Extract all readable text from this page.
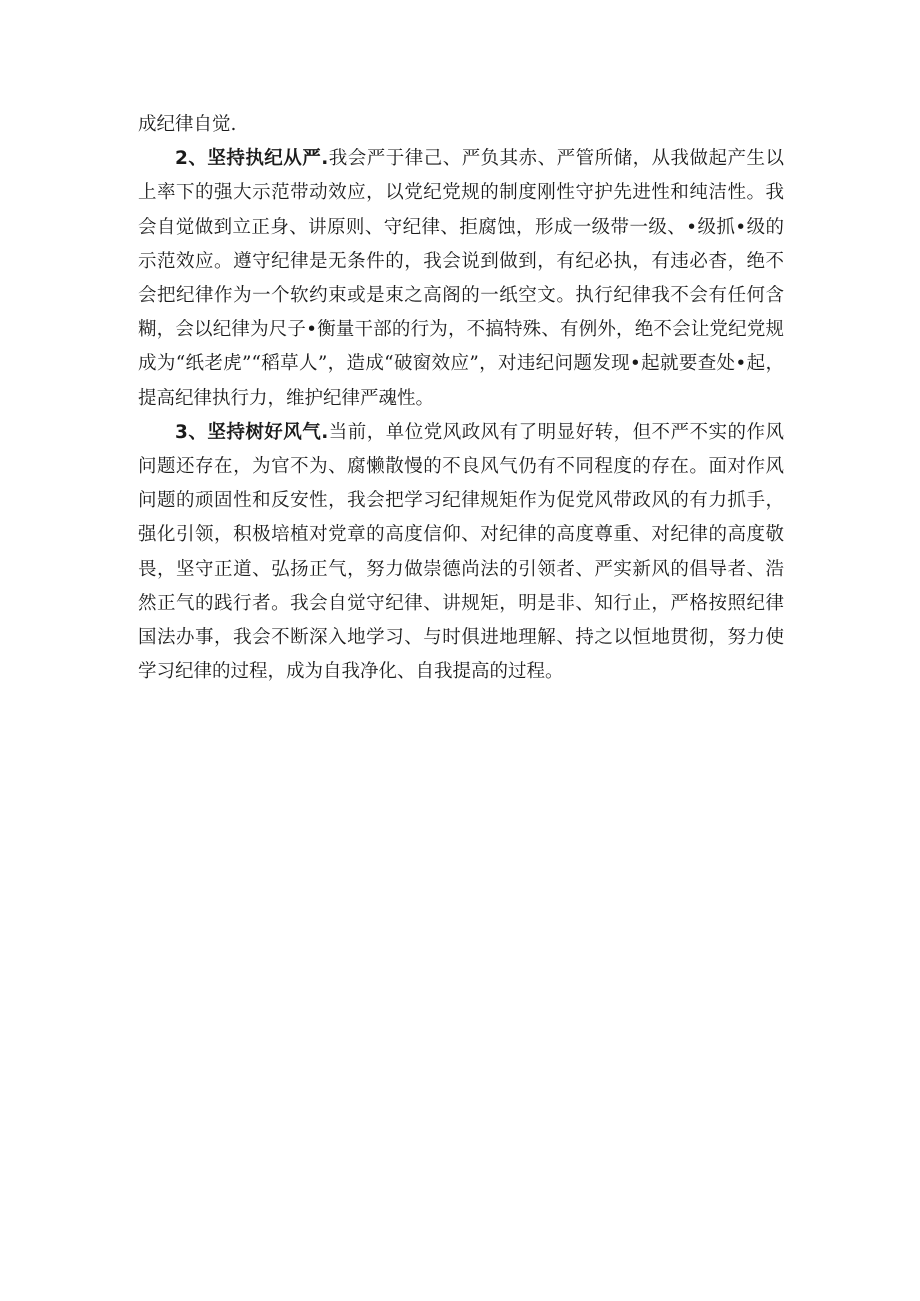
成纪律自觉.

2、坚持执纪从严.我会严于律己、严负其赤、严管所储，从我做起产生以上率下的强大示范带动效应，以党纪党规的制度刚性守护先进性和纯洁性。我会自觉做到立正身、讲原则、守纪律、拒腐蚀，形成一级带一级、•级抓•级的示范效应。遵守纪律是无条件的，我会说到做到，有纪必执，有违必杳，绝不会把纪律作为一个软约束或是束之高阁的一纸空文。执行纪律我不会有任何含糊，会以纪律为尺子•衡量干部的行为，不搞特殊、有例外，绝不会让党纪党规成为“纸老虎”“稻草人”，造成“破窗效应”，对违纪问题发现•起就要查处•起，提高纪律执行力，维护纪律严魂性。

3、坚持树好风气.当前，单位党风政风有了明显好转，但不严不实的作风问题还存在，为官不为、腐懒散慢的不良风气仍有不同程度的存在。面对作风问题的顽固性和反安性，我会把学习纪律规矩作为促党风带政风的有力抓手，强化引领，积极培植对党章的高度信仰、对纪律的高度尊重、对纪律的高度敬畏，坚守正道、弘扬正气，努力做崇德尚法的引领者、严实新风的倡导者、浩然正气的践行者。我会自觉守纪律、讲规矩，明是非、知行止，严格按照纪律国法办事，我会不断深入地学习、与时俱进地理解、持之以恒地贯彻，努力使学习纪律的过程，成为自我净化、自我提高的过程。
